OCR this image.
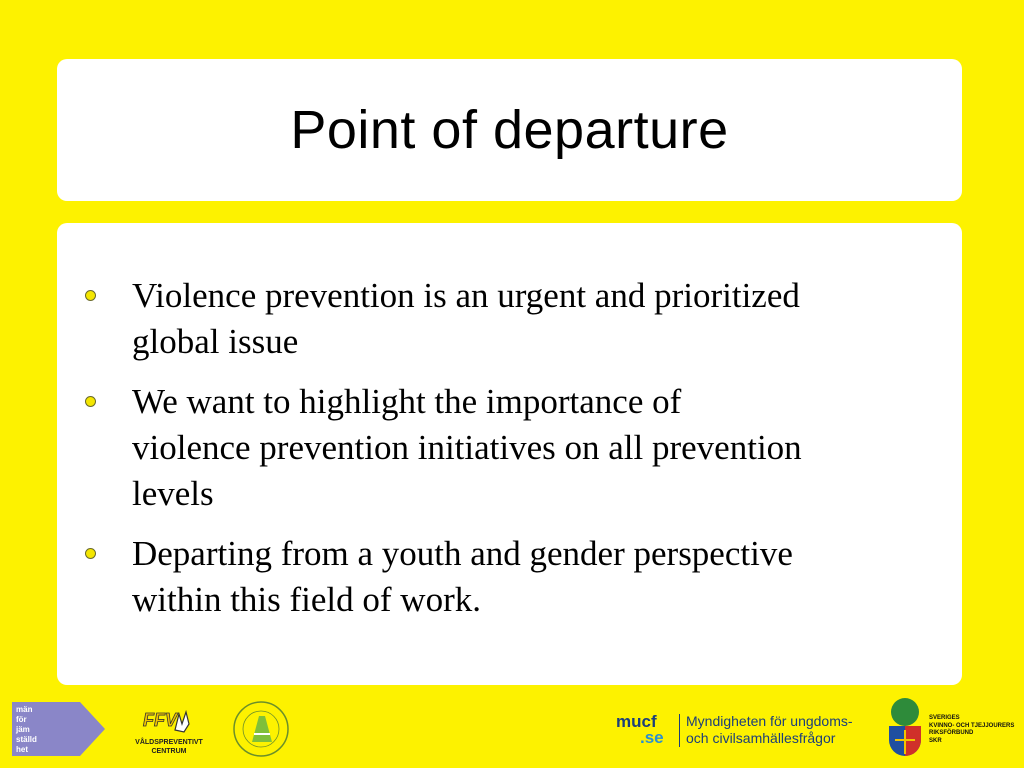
Point of departure
Violence prevention is an urgent and prioritized global issue
We want to highlight the importance of violence prevention initiatives on all prevention levels
Departing from a youth and gender perspective within this field of work.
män
för
jäm
ställd
het
FFV
VÅLDSPREVENTIVT
CENTRUM
mucf
.se
Myndigheten för ungdoms-
och civilsamhällesfrågor
SVERIGES
KVINNO- OCH TJEJJOURERS
RIKSFÖRBUND
SKR
